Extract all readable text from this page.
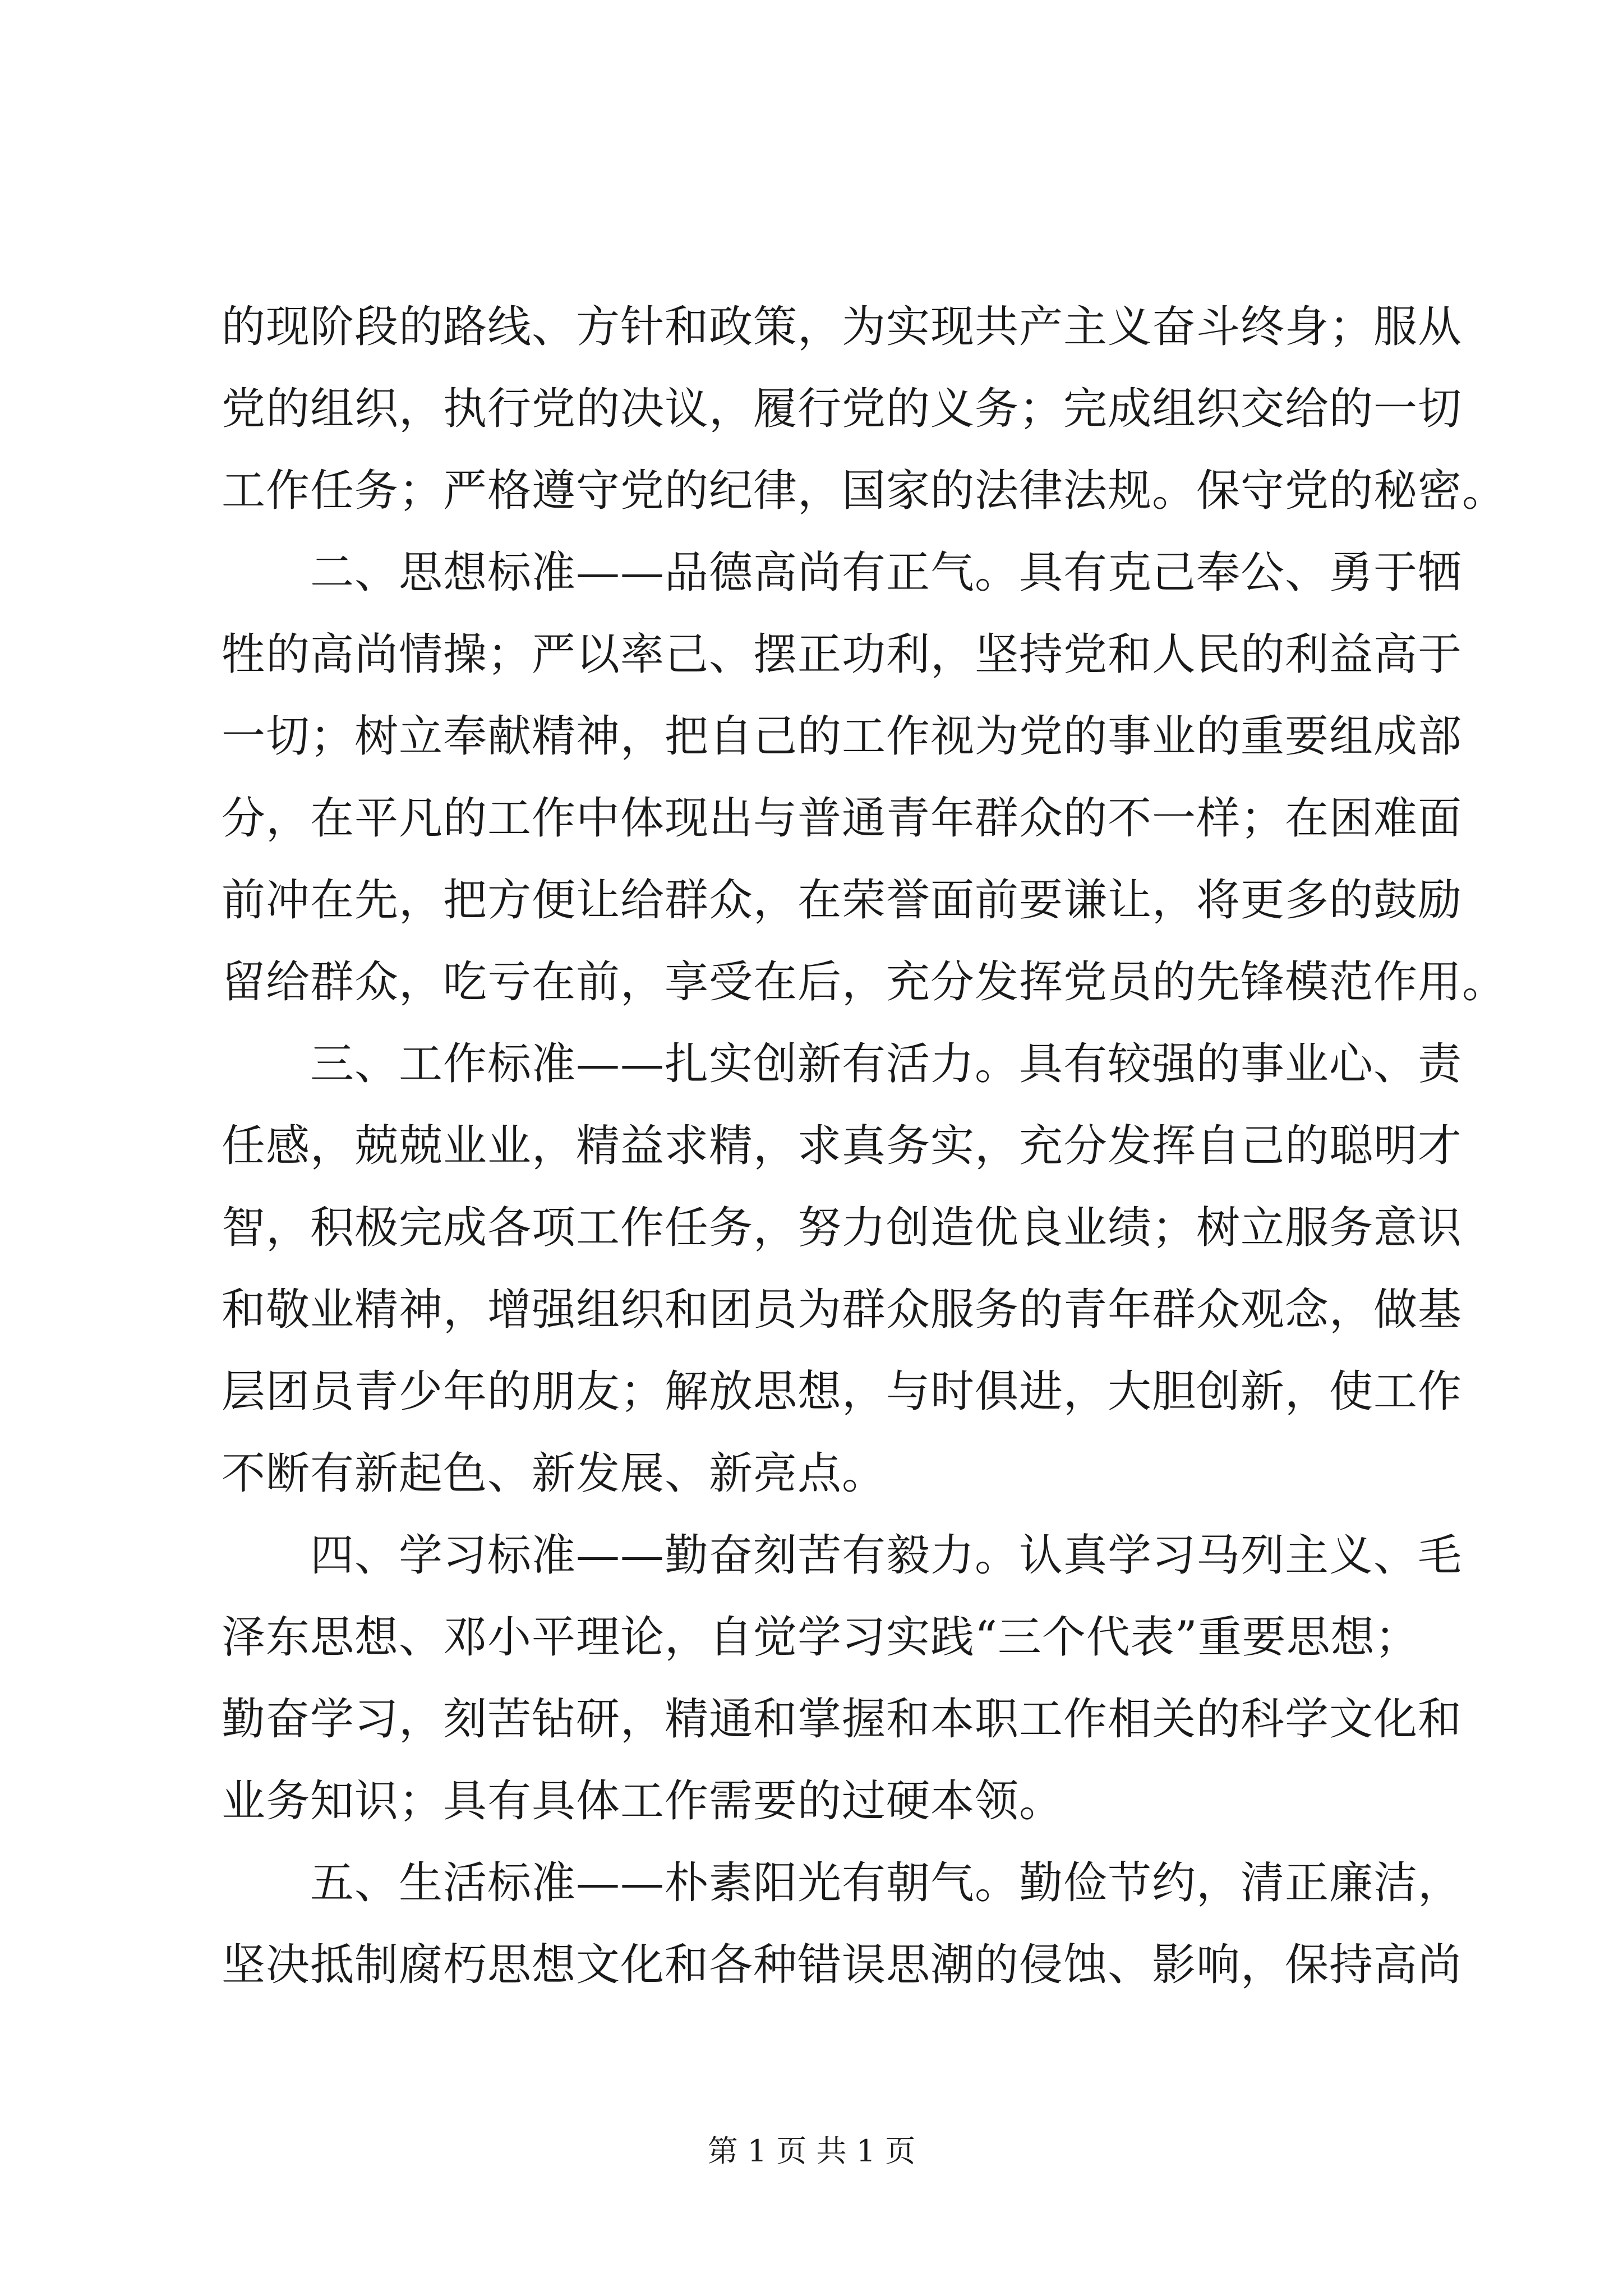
的现阶段的路线、方针和政策，为实现共产主义奋斗终身；服从
党的组织，执行党的决议，履行党的义务；完成组织交给的一切
工作任务；严格遵守党的纪律，国家的法律法规。保守党的秘密。
　　二、思想标准——品德高尚有正气。具有克己奉公、勇于牺
牲的高尚情操；严以率己、摆正功利，坚持党和人民的利益高于
一切；树立奉献精神，把自己的工作视为党的事业的重要组成部
分，在平凡的工作中体现出与普通青年群众的不一样；在困难面
前冲在先，把方便让给群众，在荣誉面前要谦让，将更多的鼓励
留给群众，吃亏在前，享受在后，充分发挥党员的先锋模范作用。
　　三、工作标准——扎实创新有活力。具有较强的事业心、责
任感，兢兢业业，精益求精，求真务实，充分发挥自己的聪明才
智，积极完成各项工作任务，努力创造优良业绩；树立服务意识
和敬业精神，增强组织和团员为群众服务的青年群众观念，做基
层团员青少年的朋友；解放思想，与时俱进，大胆创新，使工作
不断有新起色、新发展、新亮点。
　　四、学习标准——勤奋刻苦有毅力。认真学习马列主义、毛
泽东思想、邓小平理论，自觉学习实践“三个代表”重要思想；
勤奋学习，刻苦钻研，精通和掌握和本职工作相关的科学文化和
业务知识；具有具体工作需要的过硬本领。
　　五、生活标准——朴素阳光有朝气。勤俭节约，清正廉洁，
坚决抵制腐朽思想文化和各种错误思潮的侵蚀、影响，保持高尚
第 1 页 共 1 页
